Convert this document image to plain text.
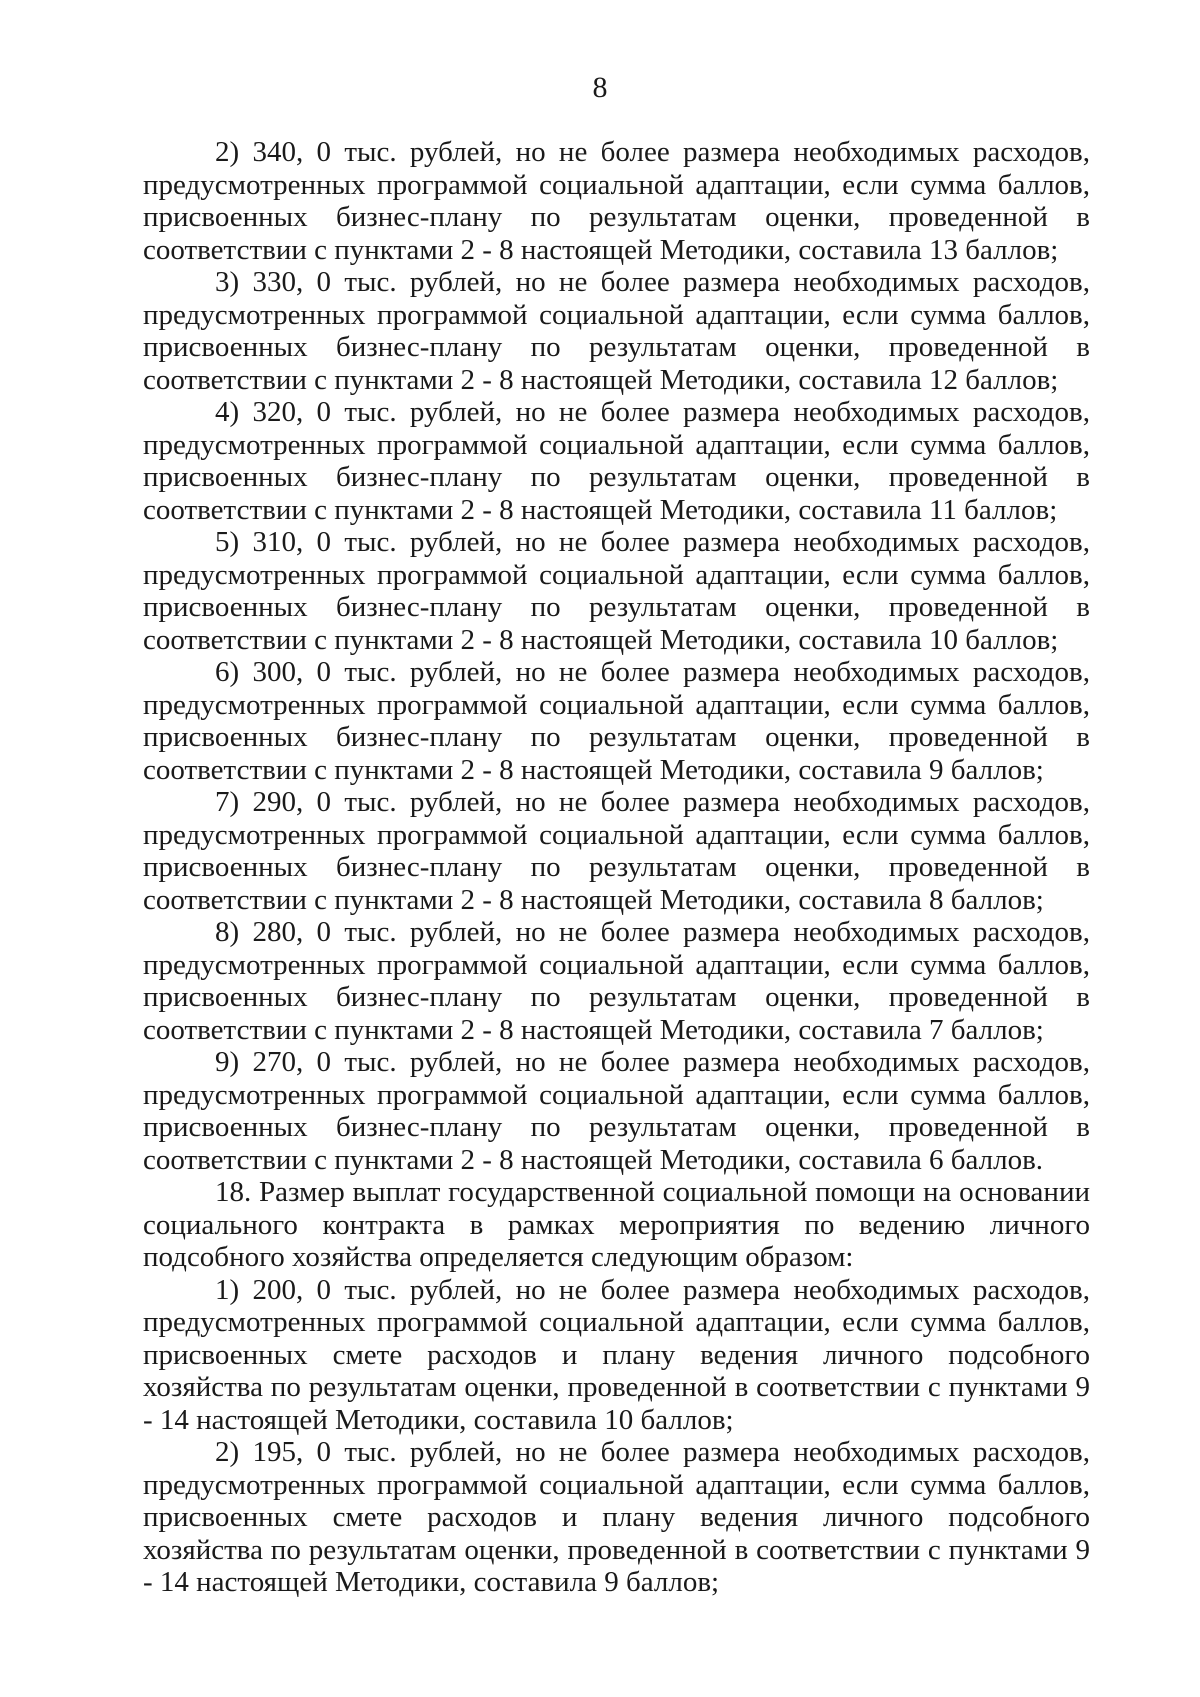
8

2) 340, 0 тыс. рублей, но не более размера необходимых расходов, предусмотренных программой социальной адаптации, если сумма баллов, присвоенных бизнес-плану по результатам оценки, проведенной в соответствии с пунктами 2 - 8 настоящей Методики, составила 13 баллов;

3) 330, 0 тыс. рублей, но не более размера необходимых расходов, предусмотренных программой социальной адаптации, если сумма баллов, присвоенных бизнес-плану по результатам оценки, проведенной в соответствии с пунктами 2 - 8 настоящей Методики, составила 12 баллов;

4) 320, 0 тыс. рублей, но не более размера необходимых расходов, предусмотренных программой социальной адаптации, если сумма баллов, присвоенных бизнес-плану по результатам оценки, проведенной в соответствии с пунктами 2 - 8 настоящей Методики, составила 11 баллов;

5) 310, 0 тыс. рублей, но не более размера необходимых расходов, предусмотренных программой социальной адаптации, если сумма баллов, присвоенных бизнес-плану по результатам оценки, проведенной в соответствии с пунктами 2 - 8 настоящей Методики, составила 10 баллов;

6) 300, 0 тыс. рублей, но не более размера необходимых расходов, предусмотренных программой социальной адаптации, если сумма баллов, присвоенных бизнес-плану по результатам оценки, проведенной в соответствии с пунктами 2 - 8 настоящей Методики, составила 9 баллов;

7) 290, 0 тыс. рублей, но не более размера необходимых расходов, предусмотренных программой социальной адаптации, если сумма баллов, присвоенных бизнес-плану по результатам оценки, проведенной в соответствии с пунктами 2 - 8 настоящей Методики, составила 8 баллов;

8) 280, 0 тыс. рублей, но не более размера необходимых расходов, предусмотренных программой социальной адаптации, если сумма баллов, присвоенных бизнес-плану по результатам оценки, проведенной в соответствии с пунктами 2 - 8 настоящей Методики, составила 7 баллов;

9) 270, 0 тыс. рублей, но не более размера необходимых расходов, предусмотренных программой социальной адаптации, если сумма баллов, присвоенных бизнес-плану по результатам оценки, проведенной в соответствии с пунктами 2 - 8 настоящей Методики, составила 6 баллов.

18. Размер выплат государственной социальной помощи на основании социального контракта в рамках мероприятия по ведению личного подсобного хозяйства определяется следующим образом:

1) 200, 0 тыс. рублей, но не более размера необходимых расходов, предусмотренных программой социальной адаптации, если сумма баллов, присвоенных смете расходов и плану ведения личного подсобного хозяйства по результатам оценки, проведенной в соответствии с пунктами 9 - 14 настоящей Методики, составила 10 баллов;

2) 195, 0 тыс. рублей, но не более размера необходимых расходов, предусмотренных программой социальной адаптации, если сумма баллов, присвоенных смете расходов и плану ведения личного подсобного хозяйства по результатам оценки, проведенной в соответствии с пунктами 9 - 14 настоящей Методики, составила 9 баллов;
